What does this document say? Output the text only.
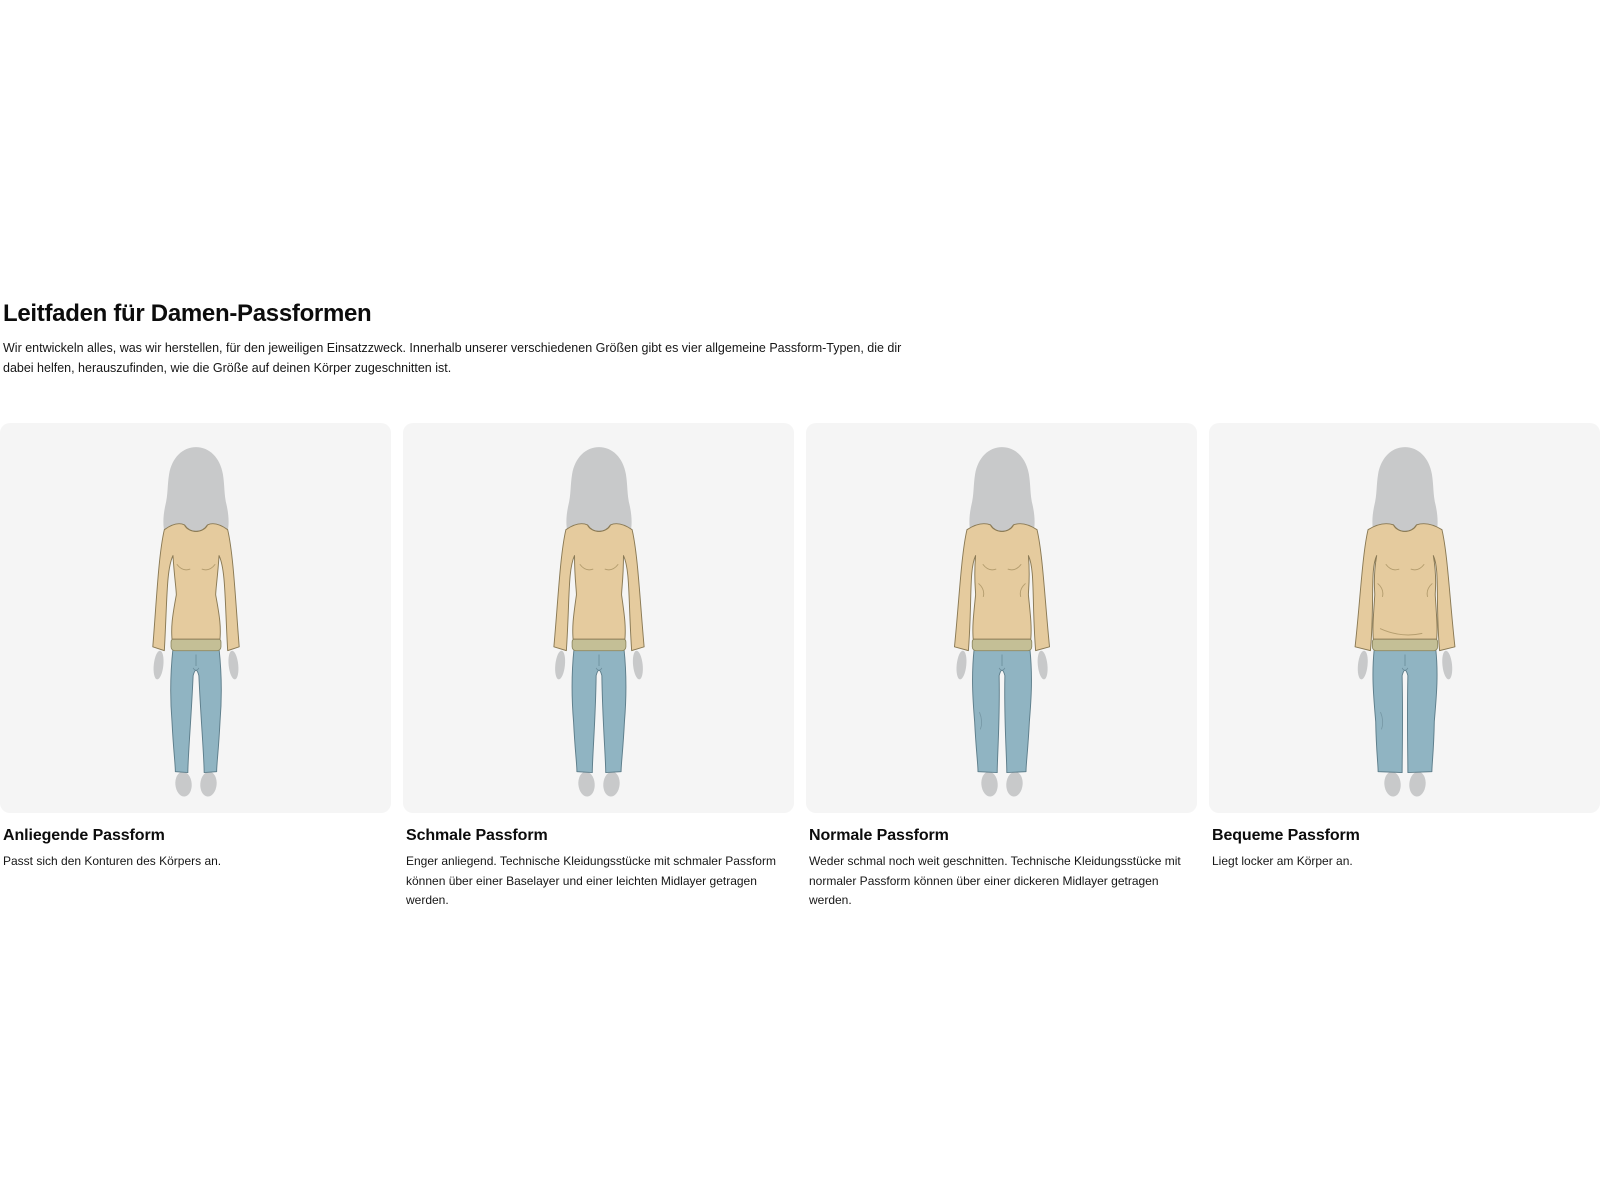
Leitfaden für Damen-Passformen

Wir entwickeln alles, was wir herstellen, für den jeweiligen Einsatzzweck. Innerhalb unserer verschiedenen Größen gibt es vier allgemeine Passform-Typen, die dir dabei helfen, herauszufinden, wie die Größe auf deinen Körper zugeschnitten ist.

Anliegende Passform

Passt sich den Konturen des Körpers an.

Schmale Passform

Enger anliegend. Technische Kleidungsstücke mit schmaler Passform können über einer Baselayer und einer leichten Midlayer getragen werden.

Normale Passform

Weder schmal noch weit geschnitten. Technische Kleidungsstücke mit normaler Passform können über einer dickeren Midlayer getragen werden.

Bequeme Passform

Liegt locker am Körper an.
